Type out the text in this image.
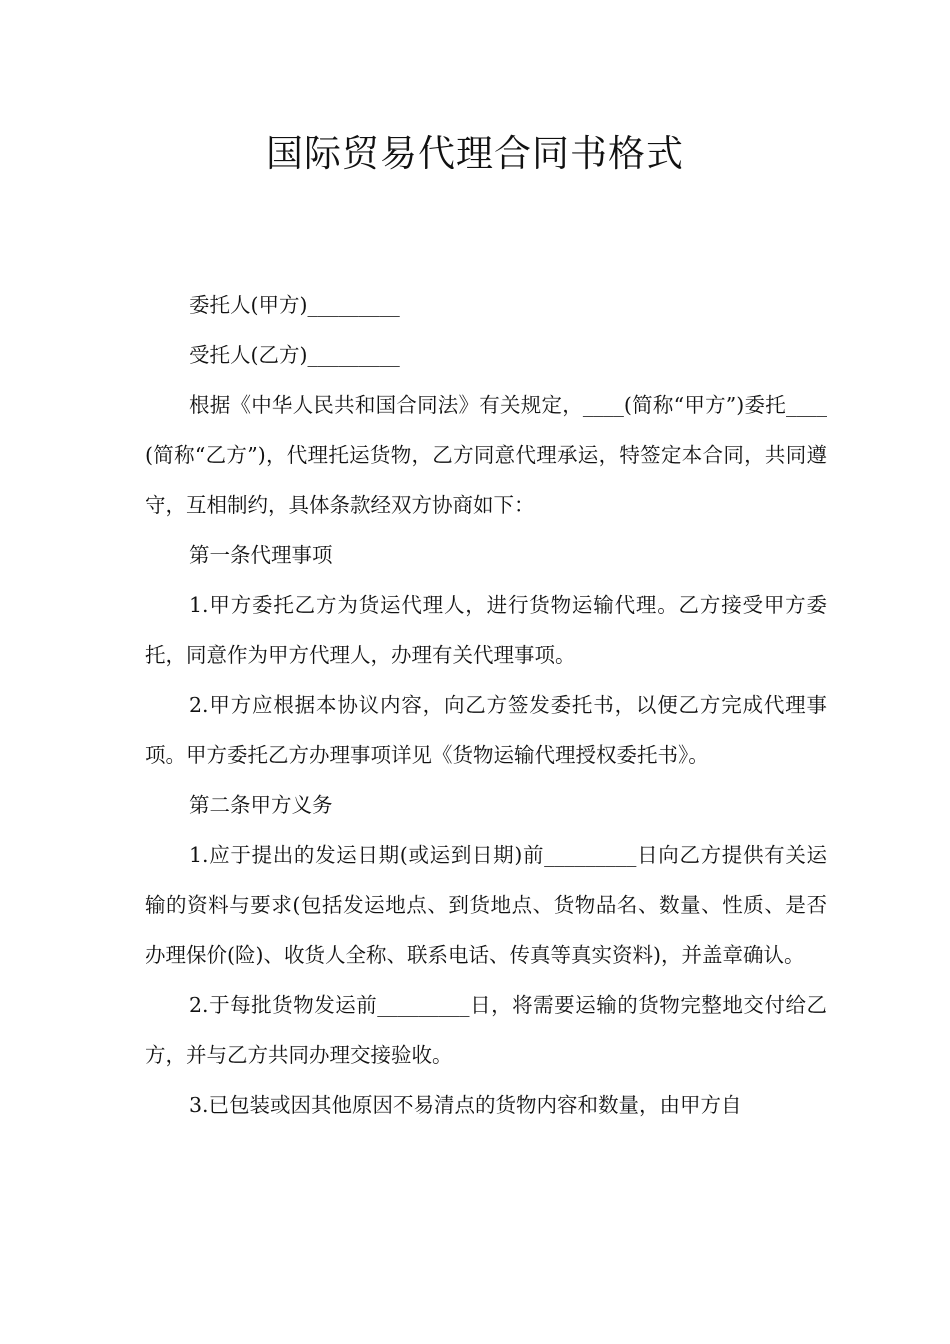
国际贸易代理合同书格式

委托人(甲方)_________

受托人(乙方)_________

根据《中华人民共和国合同法》有关规定，____(简称“甲方”)委托____(简称“乙方”)，代理托运货物，乙方同意代理承运，特签定本合同，共同遵守，互相制约，具体条款经双方协商如下：

第一条代理事项

1.甲方委托乙方为货运代理人，进行货物运输代理。乙方接受甲方委托，同意作为甲方代理人，办理有关代理事项。

2.甲方应根据本协议内容，向乙方签发委托书，以便乙方完成代理事项。甲方委托乙方办理事项详见《货物运输代理授权委托书》。

第二条甲方义务

1.应于提出的发运日期(或运到日期)前_________日向乙方提供有关运输的资料与要求(包括发运地点、到货地点、货物品名、数量、性质、是否办理保价(险)、收货人全称、联系电话、传真等真实资料)，并盖章确认。

2.于每批货物发运前_________日，将需要运输的货物完整地交付给乙方，并与乙方共同办理交接验收。

3.已包装或因其他原因不易清点的货物内容和数量，由甲方自
